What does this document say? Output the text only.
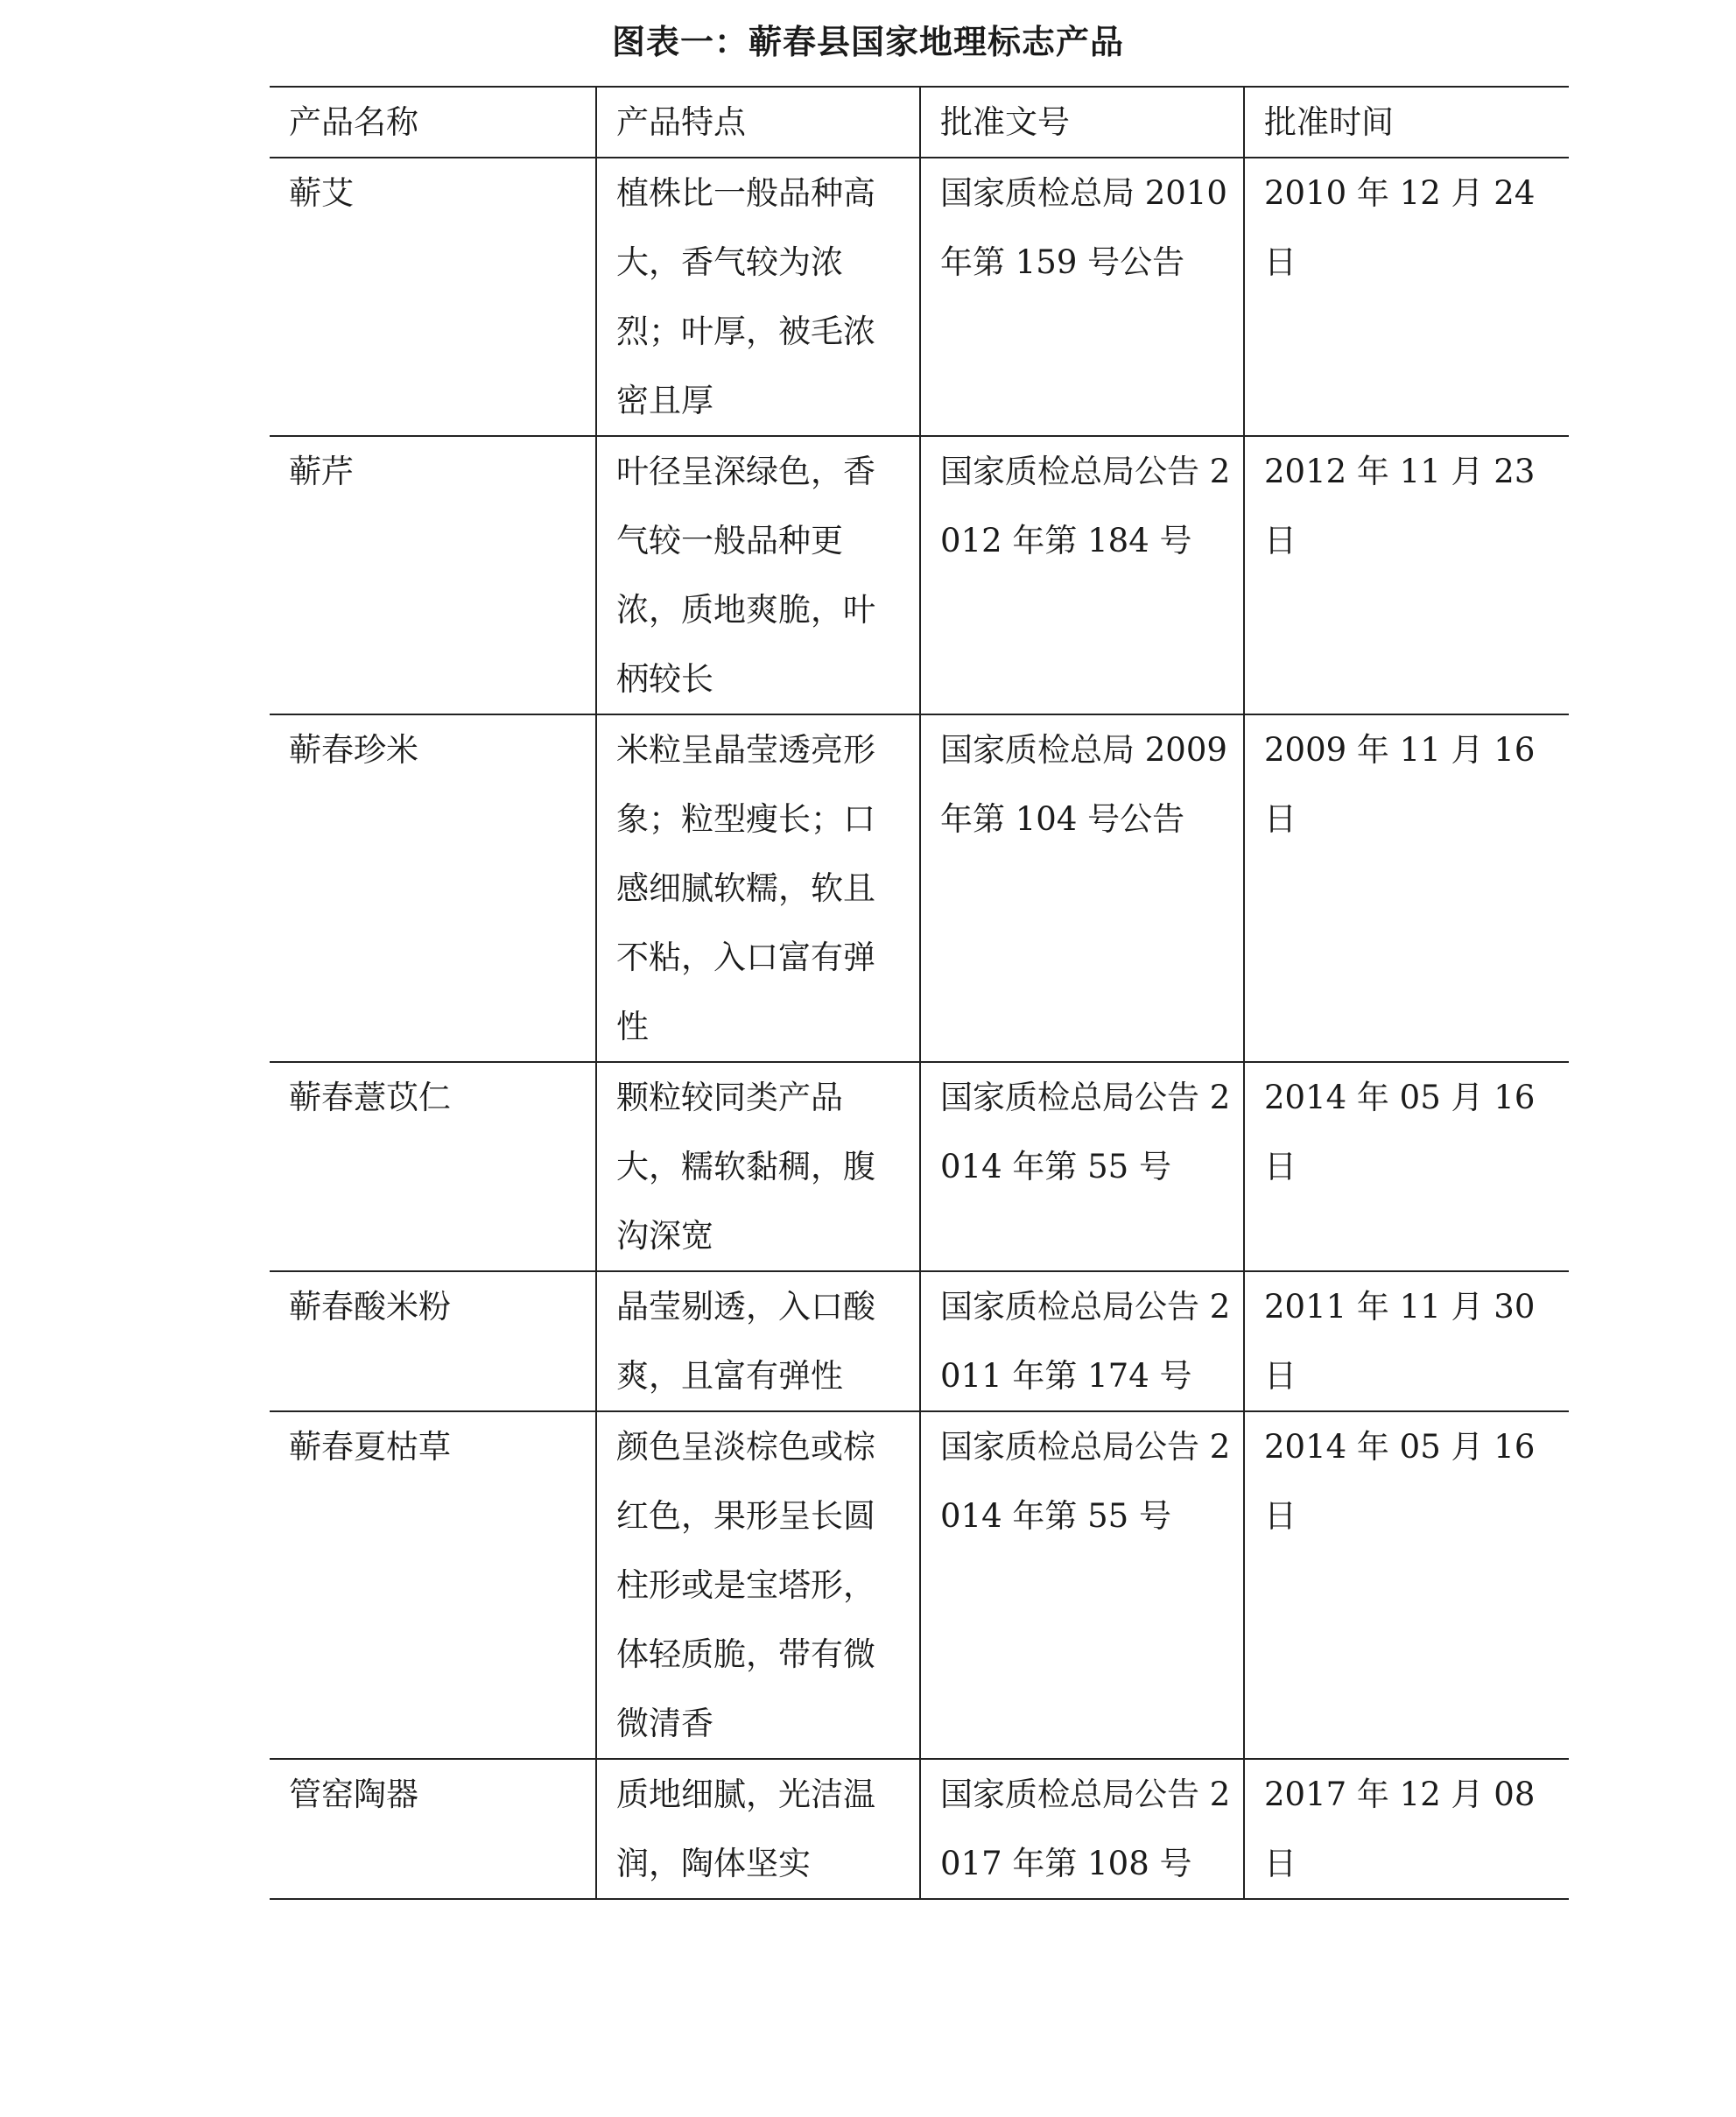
图表一：蕲春县国家地理标志产品
产品名称	产品特点	批准文号	批准时间
蕲艾	植株比一般品种高大，香气较为浓烈；叶厚，被毛浓密且厚	国家质检总局 2010 年第 159 号公告	2010 年 12 月 24 日
蕲芹	叶径呈深绿色，香气较一般品种更浓，质地爽脆，叶柄较长	国家质检总局公告 2012 年第 184 号	2012 年 11 月 23 日
蕲春珍米	米粒呈晶莹透亮形象；粒型瘦长；口感细腻软糯，软且不粘，入口富有弹性	国家质检总局 2009 年第 104 号公告	2009 年 11 月 16 日
蕲春薏苡仁	颗粒较同类产品大，糯软黏稠，腹沟深宽	国家质检总局公告 2014 年第 55 号	2014 年 05 月 16 日
蕲春酸米粉	晶莹剔透，入口酸爽，且富有弹性	国家质检总局公告 2011 年第 174 号	2011 年 11 月 30 日
蕲春夏枯草	颜色呈淡棕色或棕红色，果形呈长圆柱形或是宝塔形，体轻质脆，带有微微清香	国家质检总局公告 2014 年第 55 号	2014 年 05 月 16 日
管窑陶器	质地细腻，光洁温润，陶体坚实	国家质检总局公告 2017 年第 108 号	2017 年 12 月 08 日
